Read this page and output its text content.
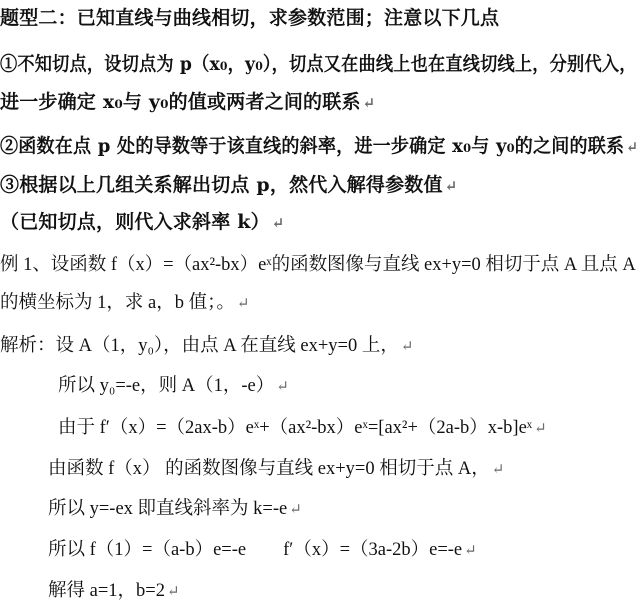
题型二：已知直线与曲线相切，求参数范围；注意以下几点
①不知切点，设切点为 p（x₀，y₀），切点又在曲线上也在直线切线上，分别代入，
进一步确定 x₀与 y₀的值或两者之间的联系 ↵
②函数在点 p 处的导数等于该直线的斜率，进一步确定 x₀与 y₀的之间的联系 ↵
③根据以上几组关系解出切点 p，然代入解得参数值 ↵
（已知切点，则代入求斜率 k） ↵
例 1、设函数 f（x）=（ax²-bx）eˣ的函数图像与直线 ex+y=0 相切于点 A 且点 A
的横坐标为 1，求 a，b 值；。 ↵
解析：设 A（1，y₀），由点 A 在直线 ex+y=0 上， ↵
所以 y₀=-e，则 A（1，-e） ↵
由于 f′（x）=（2ax-b）eˣ+（ax²-bx）eˣ=[ax²+（2a-b）x-b]eˣ ↵
由函数 f（x） 的函数图像与直线 ex+y=0 相切于点 A， ↵
所以 y=-ex 即直线斜率为 k=-e ↵
所以 f（1）=（a-b）e=-e　　f′（x）=（3a-2b）e=-e ↵
解得 a=1，b=2 ↵
